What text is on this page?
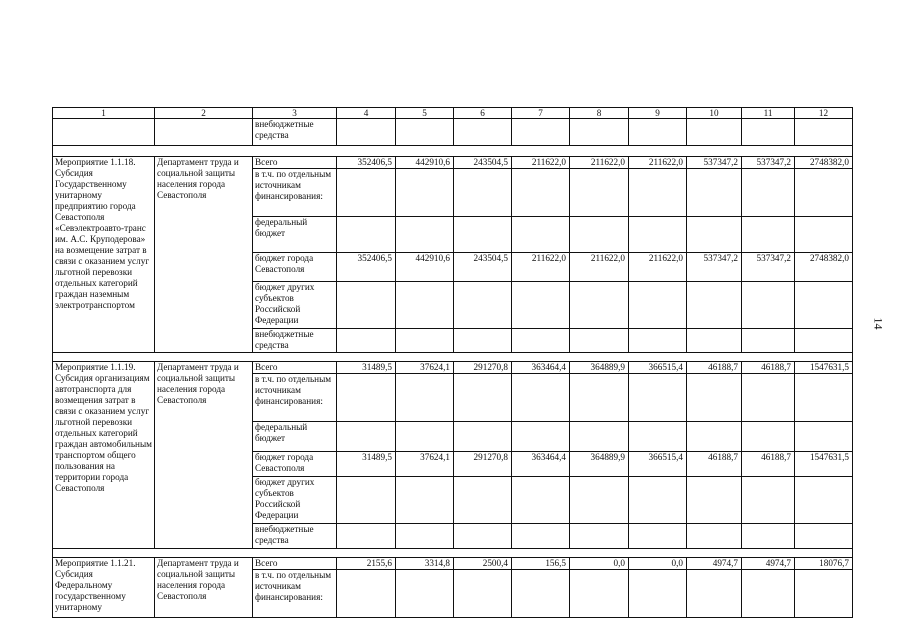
14
1	2	3	4	5	6	7	8	9	10	11	12
		внебюджетные средства									

Мероприятие 1.1.18. Субсидия Государственному унитарному предприятию города Севастополя «Севэлектроавто-транс им. А.С. Круподерова» на возмещение затрат в связи с оказанием услуг льготной перевозки отдельных категорий граждан наземным электротранспортом	Департамент труда и социальной защиты населения города Севастополя	Всего	352406,5	442910,6	243504,5	211622,0	211622,0	211622,0	537347,2	537347,2	2748382,0
		в т.ч. по отдельным источникам финансирования:									
		федеральный бюджет									
		бюджет города Севастополя	352406,5	442910,6	243504,5	211622,0	211622,0	211622,0	537347,2	537347,2	2748382,0
		бюджет других субъектов Российской Федерации									
		внебюджетные средства									

Мероприятие 1.1.19. Субсидия организациям автотранспорта для возмещения затрат в связи с оказанием услуг льготной перевозки отдельных категорий граждан автомобильным транспортом общего пользования на территории города Севастополя	Департамент труда и социальной защиты населения города Севастополя	Всего	31489,5	37624,1	291270,8	363464,4	364889,9	366515,4	46188,7	46188,7	1547631,5
		в т.ч. по отдельным источникам финансирования:									
		федеральный бюджет									
		бюджет города Севастополя	31489,5	37624,1	291270,8	363464,4	364889,9	366515,4	46188,7	46188,7	1547631,5
		бюджет других субъектов Российской Федерации									
		внебюджетные средства									

Мероприятие 1.1.21. Субсидия Федеральному государственному унитарному	Департамент труда и социальной защиты населения города Севастополя	Всего	2155,6	3314,8	2500,4	156,5	0,0	0,0	4974,7	4974,7	18076,7
		в т.ч. по отдельным источникам финансирования:									
